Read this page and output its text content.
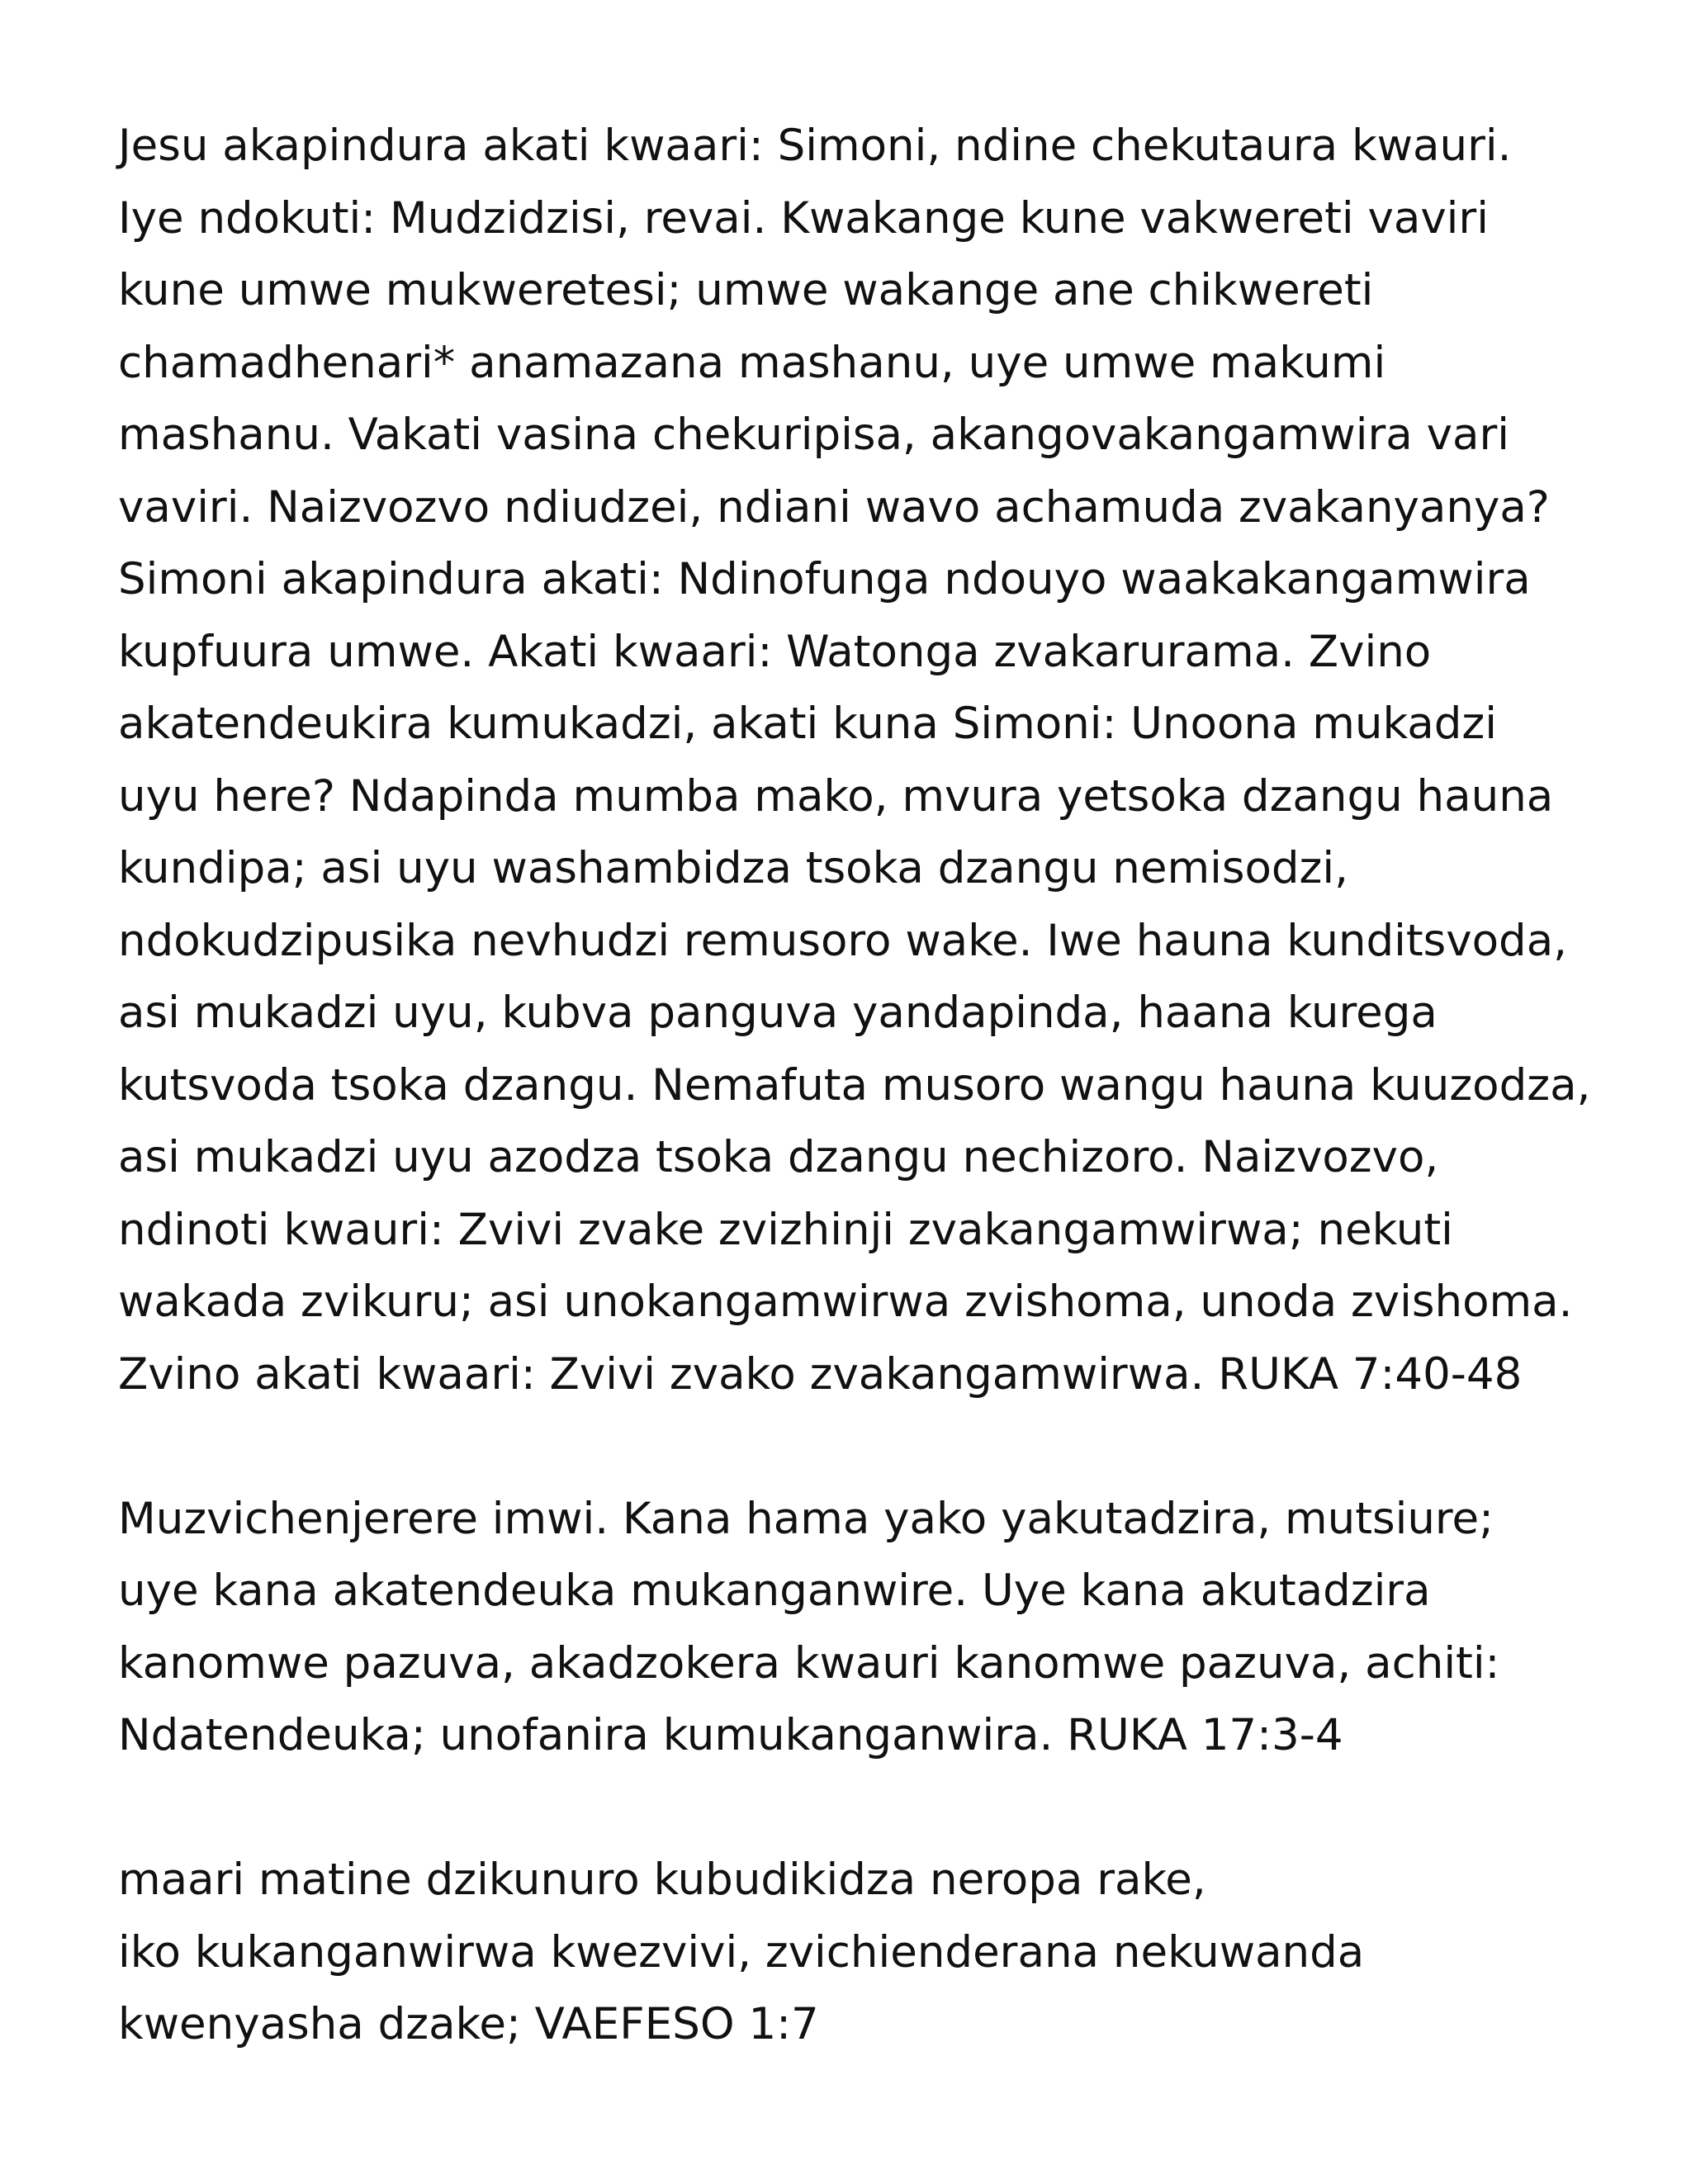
Jesu akapindura akati kwaari: Simoni, ndine chekutaura kwauri.
Iye ndokuti: Mudzidzisi, revai. Kwakange kune vakwereti vaviri
kune umwe mukweretesi; umwe wakange ane chikwereti
chamadhenari* anamazana mashanu, uye umwe makumi
mashanu. Vakati vasina chekuripisa, akangovakangamwira vari
vaviri. Naizvozvo ndiudzei, ndiani wavo achamuda zvakanyanya?
Simoni akapindura akati: Ndinofunga ndouyo waakakangamwira
kupfuura umwe. Akati kwaari: Watonga zvakarurama. Zvino
akatendeukira kumukadzi, akati kuna Simoni: Unoona mukadzi
uyu here? Ndapinda mumba mako, mvura yetsoka dzangu hauna
kundipa; asi uyu washambidza tsoka dzangu nemisodzi,
ndokudzipusika nevhudzi remusoro wake. Iwe hauna kunditsvoda,
asi mukadzi uyu, kubva panguva yandapinda, haana kurega
kutsvoda tsoka dzangu. Nemafuta musoro wangu hauna kuuzodza,
asi mukadzi uyu azodza tsoka dzangu nechizoro. Naizvozvo,
ndinoti kwauri: Zvivi zvake zvizhinji zvakangamwirwa; nekuti
wakada zvikuru; asi unokangamwirwa zvishoma, unoda zvishoma.
Zvino akati kwaari: Zvivi zvako zvakangamwirwa. RUKA 7:40-48
Muzvichenjerere imwi. Kana hama yako yakutadzira, mutsiure;
uye kana akatendeuka mukanganwire. Uye kana akutadzira
kanomwe pazuva, akadzokera kwauri kanomwe pazuva, achiti:
Ndatendeuka; unofanira kumukanganwira. RUKA 17:3-4
maari matine dzikunuro kubudikidza neropa rake,
iko kukanganwirwa kwezvivi, zvichienderana nekuwanda
kwenyasha dzake; VAEFESO 1:7
